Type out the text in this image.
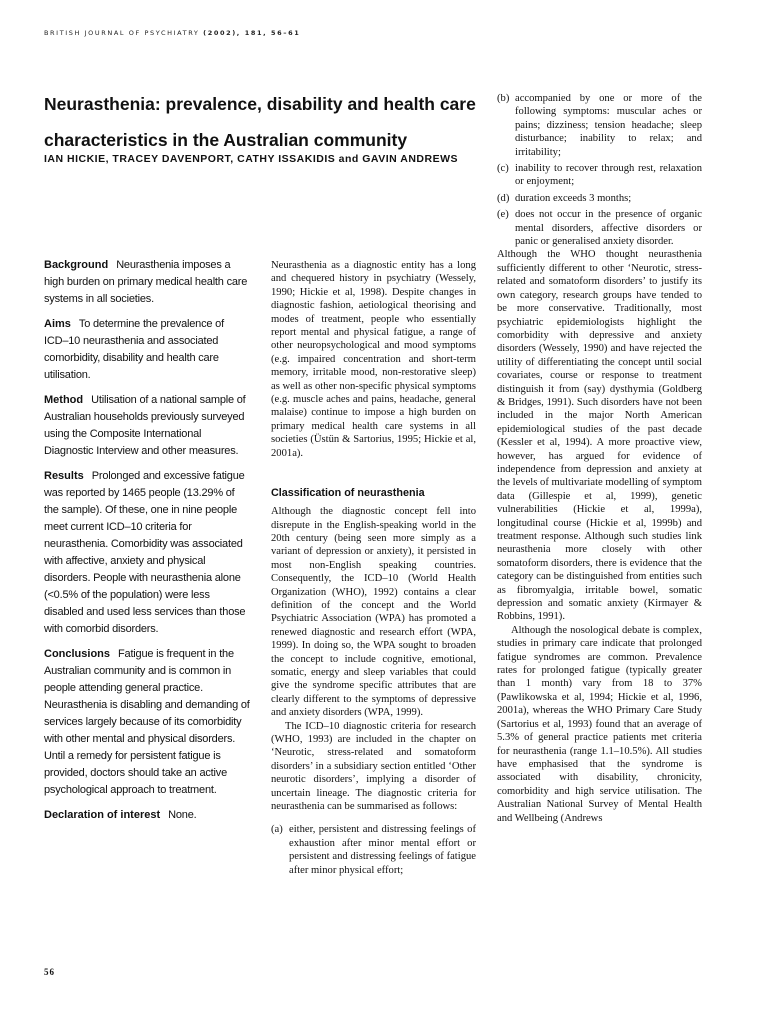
BRITISH JOURNAL OF PSYCHIATRY (2002), 181, 56–61
Neurasthenia: prevalence, disability and health care characteristics in the Australian community
IAN HICKIE, TRACEY DAVENPORT, CATHY ISSAKIDIS and GAVIN ANDREWS

Background Neurasthenia imposes a high burden on primary medical health care systems in all societies.

Aims To determine the prevalence of ICD–10 neurasthenia and associated comorbidity, disability and health care utilisation.

Method Utilisation of a national sample of Australian households previously surveyed using the Composite International Diagnostic Interview and other measures.

Results Prolonged and excessive fatigue was reported by 1465 people (13.29% of the sample). Of these, one in nine people meet current ICD–10 criteria for neurasthenia. Comorbidity was associated with affective, anxiety and physical disorders. People with neurasthenia alone (<0.5% of the population) were less disabled and used less services than those with comorbid disorders.

Conclusions Fatigue is frequent in the Australian community and is common in people attending general practice. Neurasthenia is disabling and demanding of services largely because of its comorbidity with other mental and physical disorders. Until a remedy for persistent fatigue is provided, doctors should take an active psychological approach to treatment.

Declaration of interest None.

Neurasthenia as a diagnostic entity has a long and chequered history in psychiatry (Wessely, 1990; Hickie et al, 1998). Despite changes in diagnostic fashion, aetiological theorising and modes of treatment, people who essentially report mental and physical fatigue, a range of other neuropsychological and mood symptoms (e.g. impaired concentration and short-term memory, irritable mood, non-restorative sleep) as well as other non-specific physical symptoms (e.g. muscle aches and pains, headache, general malaise) continue to impose a high burden on primary medical health care systems in all societies (Üstün & Sartorius, 1995; Hickie et al, 2001a).

Classification of neurasthenia

Although the diagnostic concept fell into disrepute in the English-speaking world in the 20th century (being seen more simply as a variant of depression or anxiety), it persisted in most non-English speaking countries. Consequently, the ICD–10 (World Health Organization (WHO), 1992) contains a clear definition of the concept and the World Psychiatric Association (WPA) has promoted a renewed diagnostic and research effort (WPA, 1999). In doing so, the WPA sought to broaden the concept to include cognitive, emotional, somatic, energy and sleep variables that could give the syndrome specific attributes that are clearly different to the symptoms of depressive and anxiety disorders (WPA, 1999).

The ICD–10 diagnostic criteria for research (WHO, 1993) are included in the chapter on ‘Neurotic, stress-related and somatoform disorders’ in a subsidiary section entitled ‘Other neurotic disorders’, implying a disorder of uncertain lineage. The diagnostic criteria for neurasthenia can be summarised as follows:

(a) either, persistent and distressing feelings of exhaustion after minor mental effort or persistent and distressing feelings of fatigue after minor physical effort;
(b) accompanied by one or more of the following symptoms: muscular aches or pains; dizziness; tension headache; sleep disturbance; inability to relax; and irritability;
(c) inability to recover through rest, relaxation or enjoyment;
(d) duration exceeds 3 months;
(e) does not occur in the presence of organic mental disorders, affective disorders or panic or generalised anxiety disorder.

Although the WHO thought neurasthenia sufficiently different to other ‘Neurotic, stress-related and somatoform disorders’ to justify its own category, research groups have tended to be more conservative. Traditionally, most psychiatric epidemiologists highlight the comorbidity with depressive and anxiety disorders (Wessely, 1990) and have rejected the utility of differentiating the concept until social covariates, course or response to treatment distinguish it from (say) dysthymia (Goldberg & Bridges, 1991). Such disorders have not been included in the major North American epidemiological studies of the past decade (Kessler et al, 1994). A more proactive view, however, has argued for evidence of independence from depression and anxiety at the levels of multivariate modelling of symptom data (Gillespie et al, 1999), genetic vulnerabilities (Hickie et al, 1999a), longitudinal course (Hickie et al, 1999b) and treatment response. Although such studies link neurasthenia more closely with other somatoform disorders, there is evidence that the category can be distinguished from entities such as fibromyalgia, irritable bowel, somatic depression and somatic anxiety (Kirmayer & Robbins, 1991).

Although the nosological debate is complex, studies in primary care indicate that prolonged fatigue syndromes are common. Prevalence rates for prolonged fatigue (typically greater than 1 month) vary from 18 to 37% (Pawlikowska et al, 1994; Hickie et al, 1996, 2001a), whereas the WHO Primary Care Study (Sartorius et al, 1993) found that an average of 5.3% of general practice patients met criteria for neurasthenia (range 1.1–10.5%). All studies have emphasised that the syndrome is associated with disability, chronicity, comorbidity and high service utilisation. The Australian National Survey of Mental Health and Wellbeing (Andrews

56
